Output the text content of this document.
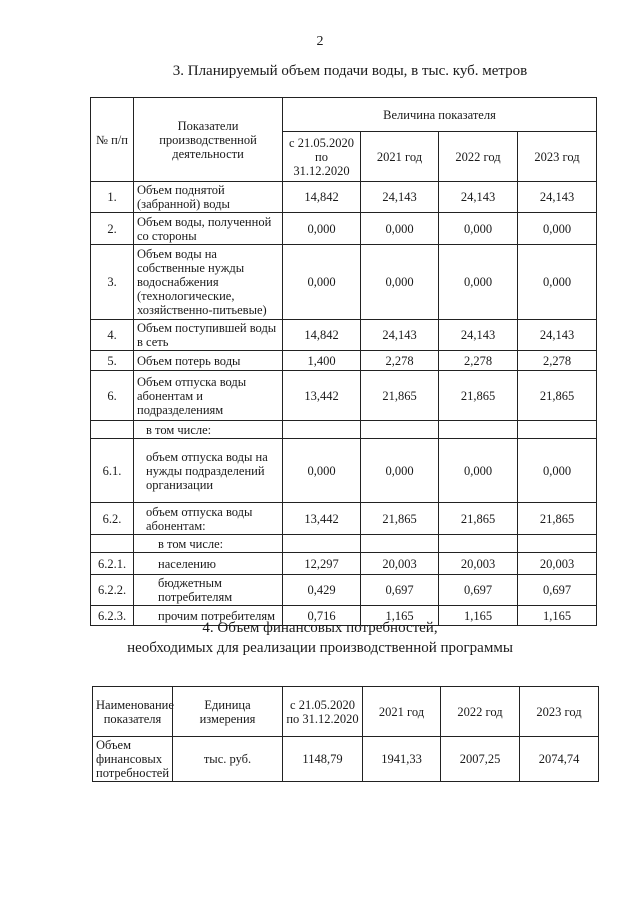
2
3. Планируемый объем подачи воды, в тыс. куб. метров
№ п/п	Показатели производственной деятельности	Величина показателя			
		с 21.05.2020 по 31.12.2020	2021 год	2022 год	2023 год
1.	Объем поднятой (забранной) воды	14,842	24,143	24,143	24,143
2.	Объем воды, полученной со стороны	0,000	0,000	0,000	0,000
3.	Объем воды на собственные нужды водоснабжения (технологические, хозяйственно-питьевые)	0,000	0,000	0,000	0,000
4.	Объем поступившей воды в сеть	14,842	24,143	24,143	24,143
5.	Объем потерь воды	1,400	2,278	2,278	2,278
6.	Объем отпуска воды абонентам и подразделениям	13,442	21,865	21,865	21,865
	в том числе:				
6.1.	объем отпуска воды на нужды подразделений организации	0,000	0,000	0,000	0,000
6.2.	объем отпуска воды абонентам:	13,442	21,865	21,865	21,865
	в том числе:				
6.2.1.	населению	12,297	20,003	20,003	20,003
6.2.2.	бюджетным потребителям	0,429	0,697	0,697	0,697
6.2.3.	прочим потребителям	0,716	1,165	1,165	1,165
4. Объем финансовых потребностей,
необходимых для реализации производственной программы
Наименование показателя	Единица измерения	с 21.05.2020 по 31.12.2020	2021 год	2022 год	2023 год
Объем финансовых потребностей	тыс. руб.	1148,79	1941,33	2007,25	2074,74
